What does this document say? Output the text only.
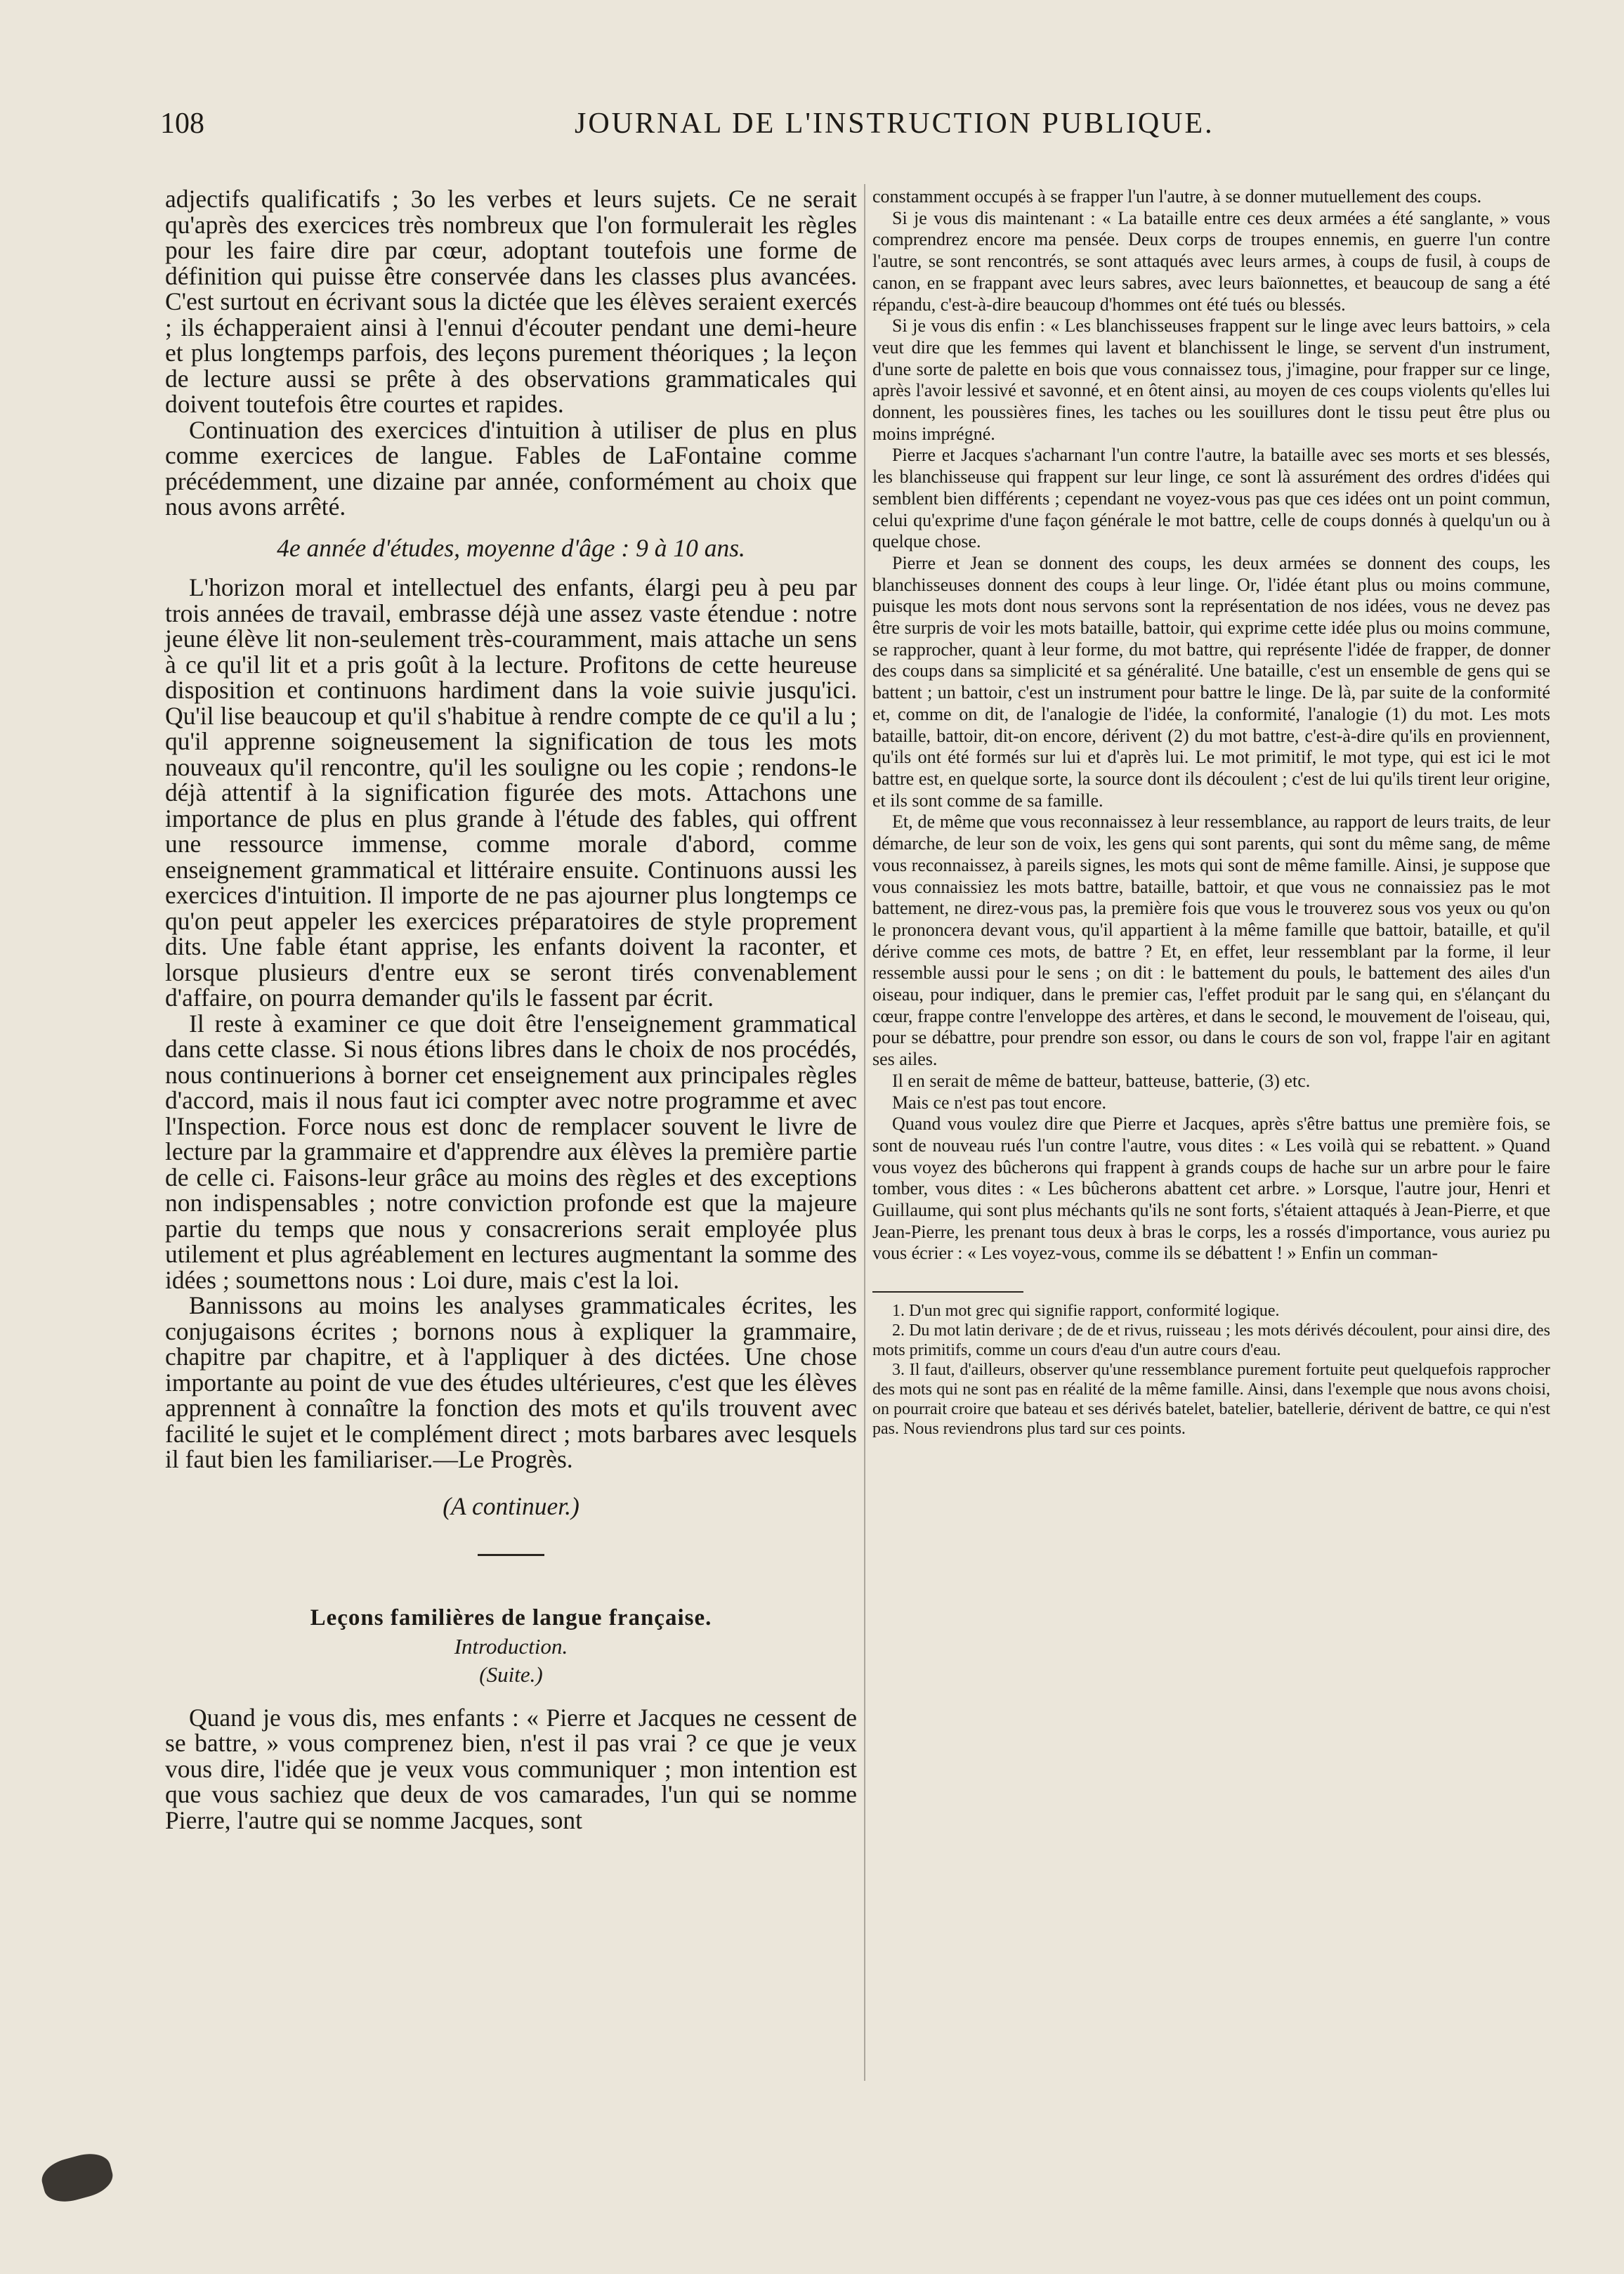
108	JOURNAL DE L'INSTRUCTION PUBLIQUE.

adjectifs qualificatifs ; 3o les verbes et leurs sujets. Ce ne serait qu'après des exercices très nombreux que l'on formulerait les règles pour les faire dire par cœur, adoptant toutefois une forme de définition qui puisse être conservée dans les classes plus avancées. C'est surtout en écrivant sous la dictée que les élèves seraient exercés ; ils échapperaient ainsi à l'ennui d'écouter pendant une demi-heure et plus longtemps parfois, des leçons purement théoriques ; la leçon de lecture aussi se prête à des observations grammaticales qui doivent toutefois être courtes et rapides.

Continuation des exercices d'intuition à utiliser de plus en plus comme exercices de langue. Fables de LaFontaine comme précédemment, une dizaine par année, conformément au choix que nous avons arrêté.

4e année d'études, moyenne d'âge : 9 à 10 ans.

L'horizon moral et intellectuel des enfants, élargi peu à peu par trois années de travail, embrasse déjà une assez vaste étendue : notre jeune élève lit non-seulement très-couramment, mais attache un sens à ce qu'il lit et a pris goût à la lecture. Profitons de cette heureuse disposition et continuons hardiment dans la voie suivie jusqu'ici. Qu'il lise beaucoup et qu'il s'habitue à rendre compte de ce qu'il a lu ; qu'il apprenne soigneusement la signification de tous les mots nouveaux qu'il rencontre, qu'il les souligne ou les copie ; rendons-le déjà attentif à la signification figurée des mots. Attachons une importance de plus en plus grande à l'étude des fables, qui offrent une ressource immense, comme morale d'abord, comme enseignement grammatical et littéraire ensuite. Continuons aussi les exercices d'intuition. Il importe de ne pas ajourner plus longtemps ce qu'on peut appeler les exercices préparatoires de style proprement dits. Une fable étant apprise, les enfants doivent la raconter, et lorsque plusieurs d'entre eux se seront tirés convenablement d'affaire, on pourra demander qu'ils le fassent par écrit.

Il reste à examiner ce que doit être l'enseignement grammatical dans cette classe. Si nous étions libres dans le choix de nos procédés, nous continuerions à borner cet enseignement aux principales règles d'accord, mais il nous faut ici compter avec notre programme et avec l'Inspection. Force nous est donc de remplacer souvent le livre de lecture par la grammaire et d'apprendre aux élèves la première partie de celle ci. Faisons-leur grâce au moins des règles et des exceptions non indispensables ; notre conviction profonde est que la majeure partie du temps que nous y consacrerions serait employée plus utilement et plus agréablement en lectures augmentant la somme des idées ; soumettons nous : Loi dure, mais c'est la loi.

Bannissons au moins les analyses grammaticales écrites, les conjugaisons écrites ; bornons nous à expliquer la grammaire, chapitre par chapitre, et à l'appliquer à des dictées. Une chose importante au point de vue des études ultérieures, c'est que les élèves apprennent à connaître la fonction des mots et qu'ils trouvent avec facilité le sujet et le complément direct ; mots barbares avec lesquels il faut bien les familiariser.—Le Progrès.

(A continuer.)

Leçons familières de langue française.

Introduction.

(Suite.)

Quand je vous dis, mes enfants : « Pierre et Jacques ne cessent de se battre, » vous comprenez bien, n'est il pas vrai ? ce que je veux vous dire, l'idée que je veux vous communiquer ; mon intention est que vous sachiez que deux de vos camarades, l'un qui se nomme Pierre, l'autre qui se nomme Jacques, sont

constamment occupés à se frapper l'un l'autre, à se donner mutuellement des coups.

Si je vous dis maintenant : « La bataille entre ces deux armées a été sanglante, » vous comprendrez encore ma pensée. Deux corps de troupes ennemis, en guerre l'un contre l'autre, se sont rencontrés, se sont attaqués avec leurs armes, à coups de fusil, à coups de canon, en se frappant avec leurs sabres, avec leurs baïonnettes, et beaucoup de sang a été répandu, c'est-à-dire beaucoup d'hommes ont été tués ou blessés.

Si je vous dis enfin : « Les blanchisseuses frappent sur le linge avec leurs battoirs, » cela veut dire que les femmes qui lavent et blanchissent le linge, se servent d'un instrument, d'une sorte de palette en bois que vous connaissez tous, j'imagine, pour frapper sur ce linge, après l'avoir lessivé et savonné, et en ôtent ainsi, au moyen de ces coups violents qu'elles lui donnent, les poussières fines, les taches ou les souillures dont le tissu peut être plus ou moins imprégné.

Pierre et Jacques s'acharnant l'un contre l'autre, la bataille avec ses morts et ses blessés, les blanchisseuse qui frappent sur leur linge, ce sont là assurément des ordres d'idées qui semblent bien différents ; cependant ne voyez-vous pas que ces idées ont un point commun, celui qu'exprime d'une façon générale le mot battre, celle de coups donnés à quelqu'un ou à quelque chose.

Pierre et Jean se donnent des coups, les deux armées se donnent des coups, les blanchisseuses donnent des coups à leur linge. Or, l'idée étant plus ou moins commune, puisque les mots dont nous servons sont la représentation de nos idées, vous ne devez pas être surpris de voir les mots bataille, battoir, qui exprime cette idée plus ou moins commune, se rapprocher, quant à leur forme, du mot battre, qui représente l'idée de frapper, de donner des coups dans sa simplicité et sa généralité. Une bataille, c'est un ensemble de gens qui se battent ; un battoir, c'est un instrument pour battre le linge. De là, par suite de la conformité et, comme on dit, de l'analogie de l'idée, la conformité, l'analogie (1) du mot. Les mots bataille, battoir, dit-on encore, dérivent (2) du mot battre, c'est-à-dire qu'ils en proviennent, qu'ils ont été formés sur lui et d'après lui. Le mot primitif, le mot type, qui est ici le mot battre est, en quelque sorte, la source dont ils découlent ; c'est de lui qu'ils tirent leur origine, et ils sont comme de sa famille.

Et, de même que vous reconnaissez à leur ressemblance, au rapport de leurs traits, de leur démarche, de leur son de voix, les gens qui sont parents, qui sont du même sang, de même vous reconnaissez, à pareils signes, les mots qui sont de même famille. Ainsi, je suppose que vous connaissiez les mots battre, bataille, battoir, et que vous ne connaissiez pas le mot battement, ne direz-vous pas, la première fois que vous le trouverez sous vos yeux ou qu'on le prononcera devant vous, qu'il appartient à la même famille que battoir, bataille, et qu'il dérive comme ces mots, de battre ? Et, en effet, leur ressemblant par la forme, il leur ressemble aussi pour le sens ; on dit : le battement du pouls, le battement des ailes d'un oiseau, pour indiquer, dans le premier cas, l'effet produit par le sang qui, en s'élançant du cœur, frappe contre l'enveloppe des artères, et dans le second, le mouvement de l'oiseau, qui, pour se débattre, pour prendre son essor, ou dans le cours de son vol, frappe l'air en agitant ses ailes.

Il en serait de même de batteur, batteuse, batterie, (3) etc.

Mais ce n'est pas tout encore.

Quand vous voulez dire que Pierre et Jacques, après s'être battus une première fois, se sont de nouveau rués l'un contre l'autre, vous dites : « Les voilà qui se rebattent. » Quand vous voyez des bûcherons qui frappent à grands coups de hache sur un arbre pour le faire tomber, vous dites : « Les bûcherons abattent cet arbre. » Lorsque, l'autre jour, Henri et Guillaume, qui sont plus méchants qu'ils ne sont forts, s'étaient attaqués à Jean-Pierre, et que Jean-Pierre, les prenant tous deux à bras le corps, les a rossés d'importance, vous auriez pu vous écrier : « Les voyez-vous, comme ils se débattent ! » Enfin un comman-

1. D'un mot grec qui signifie rapport, conformité logique.

2. Du mot latin derivare ; de de et rivus, ruisseau ; les mots dérivés découlent, pour ainsi dire, des mots primitifs, comme un cours d'eau d'un autre cours d'eau.

3. Il faut, d'ailleurs, observer qu'une ressemblance purement fortuite peut quelquefois rapprocher des mots qui ne sont pas en réalité de la même famille. Ainsi, dans l'exemple que nous avons choisi, on pourrait croire que bateau et ses dérivés batelet, batelier, batellerie, dérivent de battre, ce qui n'est pas. Nous reviendrons plus tard sur ces points.
